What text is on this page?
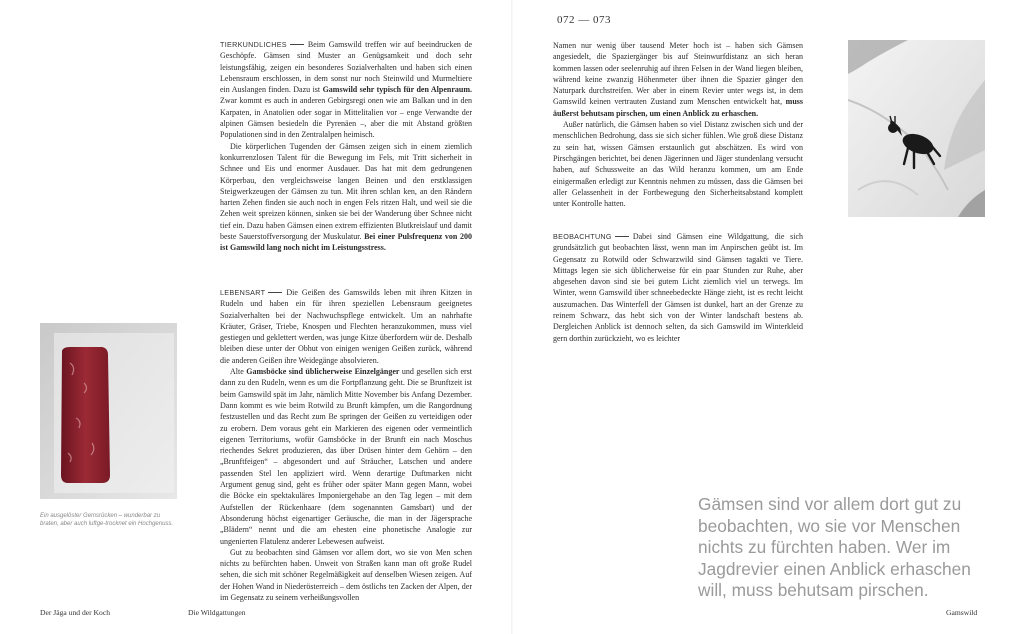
Ein ausgelöster Gemsrücken – wunderbar zu braten, aber auch luftge-trocknet ein Hochgenuss.

TIERKUNDLICHES	Beim Gamswild treffen wir auf beeindrucken de Geschöpfe. Gämsen sind Muster an Genügsamkeit und doch sehr leistungsfähig, zeigen ein besonderes Sozialverhalten und haben sich einen Lebensraum erschlossen, in dem sonst nur noch Steinwild und Murmeltiere ein Auslangen finden. Dazu ist Gamswild sehr typisch für den Alpenraum. Zwar kommt es auch in anderen Gebirgsregi onen wie am Balkan und in den Karpaten, in Anatolien oder sogar in Mittelitalien vor – enge Verwandte der alpinen Gämsen besiedeln die Pyrenäen –, aber die mit Abstand größten Populationen sind in den Zentralalpen heimisch.

Die körperlichen Tugenden der Gämsen zeigen sich in einem ziemlich konkurrenzlosen Talent für die Bewegung im Fels, mit Tritt sicherheit in Schnee und Eis und enormer Ausdauer. Das hat mit dem gedrungenen Körperbau, den vergleichsweise langen Beinen und den erstklassigen Steigwerkzeugen der Gämsen zu tun. Mit ihren schlan ken, an den Rändern harten Zehen finden sie auch noch in engen Fels ritzen Halt, und weil sie die Zehen weit spreizen können, sinken sie bei der Wanderung über Schnee nicht tief ein. Dazu haben Gämsen einen extrem effizienten Blutkreislauf und damit beste Sauerstoffversorgung der Muskulatur. Bei einer Pulsfrequenz von 200 ist Gamswild lang noch nicht im Leistungsstress.

LEBENSART	Die Geißen des Gamswilds leben mit ihren Kitzen in Rudeln und haben ein für ihren speziellen Lebensraum geeignetes Sozialverhalten bei der Nachwuchspflege entwickelt. Um an nahrhafte Kräuter, Gräser, Triebe, Knospen und Flechten heranzukommen, muss viel gestiegen und geklettert werden, was junge Kitze überfordern wür de. Deshalb bleiben diese unter der Obhut von einigen wenigen Geißen zurück, während die anderen Geißen ihre Weidegänge absolvieren.

Alte Gamsböcke sind üblicherweise Einzelgänger und gesellen sich erst dann zu den Rudeln, wenn es um die Fortpflanzung geht. Die se Brunftzeit ist beim Gamswild spät im Jahr, nämlich Mitte November bis Anfang Dezember. Dann kommt es wie beim Rotwild zu Brunft kämpfen, um die Rangordnung festzustellen und das Recht zum Be springen der Geißen zu verteidigen oder zu erobern. Dem voraus geht ein Markieren des eigenen oder vermeintlich eigenen Territoriums, wofür Gamsböcke in der Brunft ein nach Moschus riechendes Sekret produzieren, das über Drüsen hinter dem Gehörn – den „Brunftfeigen“ – abgesondert und auf Sträucher, Latschen und andere passenden Stel len appliziert wird. Wenn derartige Duftmarken nicht Argument genug sind, geht es früher oder später Mann gegen Mann, wobei die Böcke ein spektakuläres Imponiergehabe an den Tag legen – mit dem Aufstellen der Rückenhaare (dem sogenannten Gamsbart) und der Absonderung höchst eigenartiger Geräusche, die man in der Jägersprache „Blädern“ nennt und die am ehesten eine phonetische Analogie zur ungenierten Flatulenz anderer Lebewesen aufweist.

Gut zu beobachten sind Gämsen vor allem dort, wo sie von Men schen nichts zu befürchten haben. Unweit von Straßen kann man oft große Rudel sehen, die sich mit schöner Regelmäßigkeit auf denselben Wiesen zeigen. Auf der Hohen Wand in Niederösterreich – dem östlichs ten Zacken der Alpen, der im Gegensatz zu seinem verheißungsvollen

072 — 073

Namen nur wenig über tausend Meter hoch ist – haben sich Gämsen angesiedelt, die Spaziergänger bis auf Steinwurfdistanz an sich heran kommen lassen oder seelenruhig auf ihren Felsen in der Wand liegen bleiben, während keine zwanzig Höhenmeter über ihnen die Spazier gänger den Naturpark durchstreifen. Wer aber in einem Revier unter wegs ist, in dem Gamswild keinen vertrauten Zustand zum Menschen entwickelt hat, muss äußerst behutsam pirschen, um einen Anblick zu erhaschen.

Außer natürlich, die Gämsen haben so viel Distanz zwischen sich und der menschlichen Bedrohung, dass sie sich sicher fühlen. Wie groß diese Distanz zu sein hat, wissen Gämsen erstaunlich gut abschätzen. Es wird von Pirschgängen berichtet, bei denen Jägerinnen und Jäger stundenlang versucht haben, auf Schussweite an das Wild heranzu kommen, um am Ende einigermaßen erledigt zur Kenntnis nehmen zu müssen, dass die Gämsen bei aller Gelassenheit in der Fortbewegung den Sicherheitsabstand komplett unter Kontrolle hatten.

BEOBACHTUNG	Dabei sind Gämsen eine Wildgattung, die sich grundsätzlich gut beobachten lässt, wenn man im Anpirschen geübt ist. Im Gegensatz zu Rotwild oder Schwarzwild sind Gämsen tagakti ve Tiere. Mittags legen sie sich üblicherweise für ein paar Stunden zur Ruhe, aber abgesehen davon sind sie bei gutem Licht ziemlich viel un terwegs. Im Winter, wenn Gamswild über schneebedeckte Hänge zieht, ist es recht leicht auszumachen. Das Winterfell der Gämsen ist dunkel, hart an der Grenze zu reinem Schwarz, das hebt sich von der Winter landschaft bestens ab. Dergleichen Anblick ist dennoch selten, da sich Gamswild im Winterkleid gern dorthin zurückzieht, wo es leichter

Gämsen sind vor allem dort gut zu beobachten, wo sie vor Menschen nichts zu fürchten haben. Wer im Jagdrevier einen Anblick erhaschen will, muss behutsam pirschen.
Der Jäga und der Koch	Die Wildgattungen	Gamswild
